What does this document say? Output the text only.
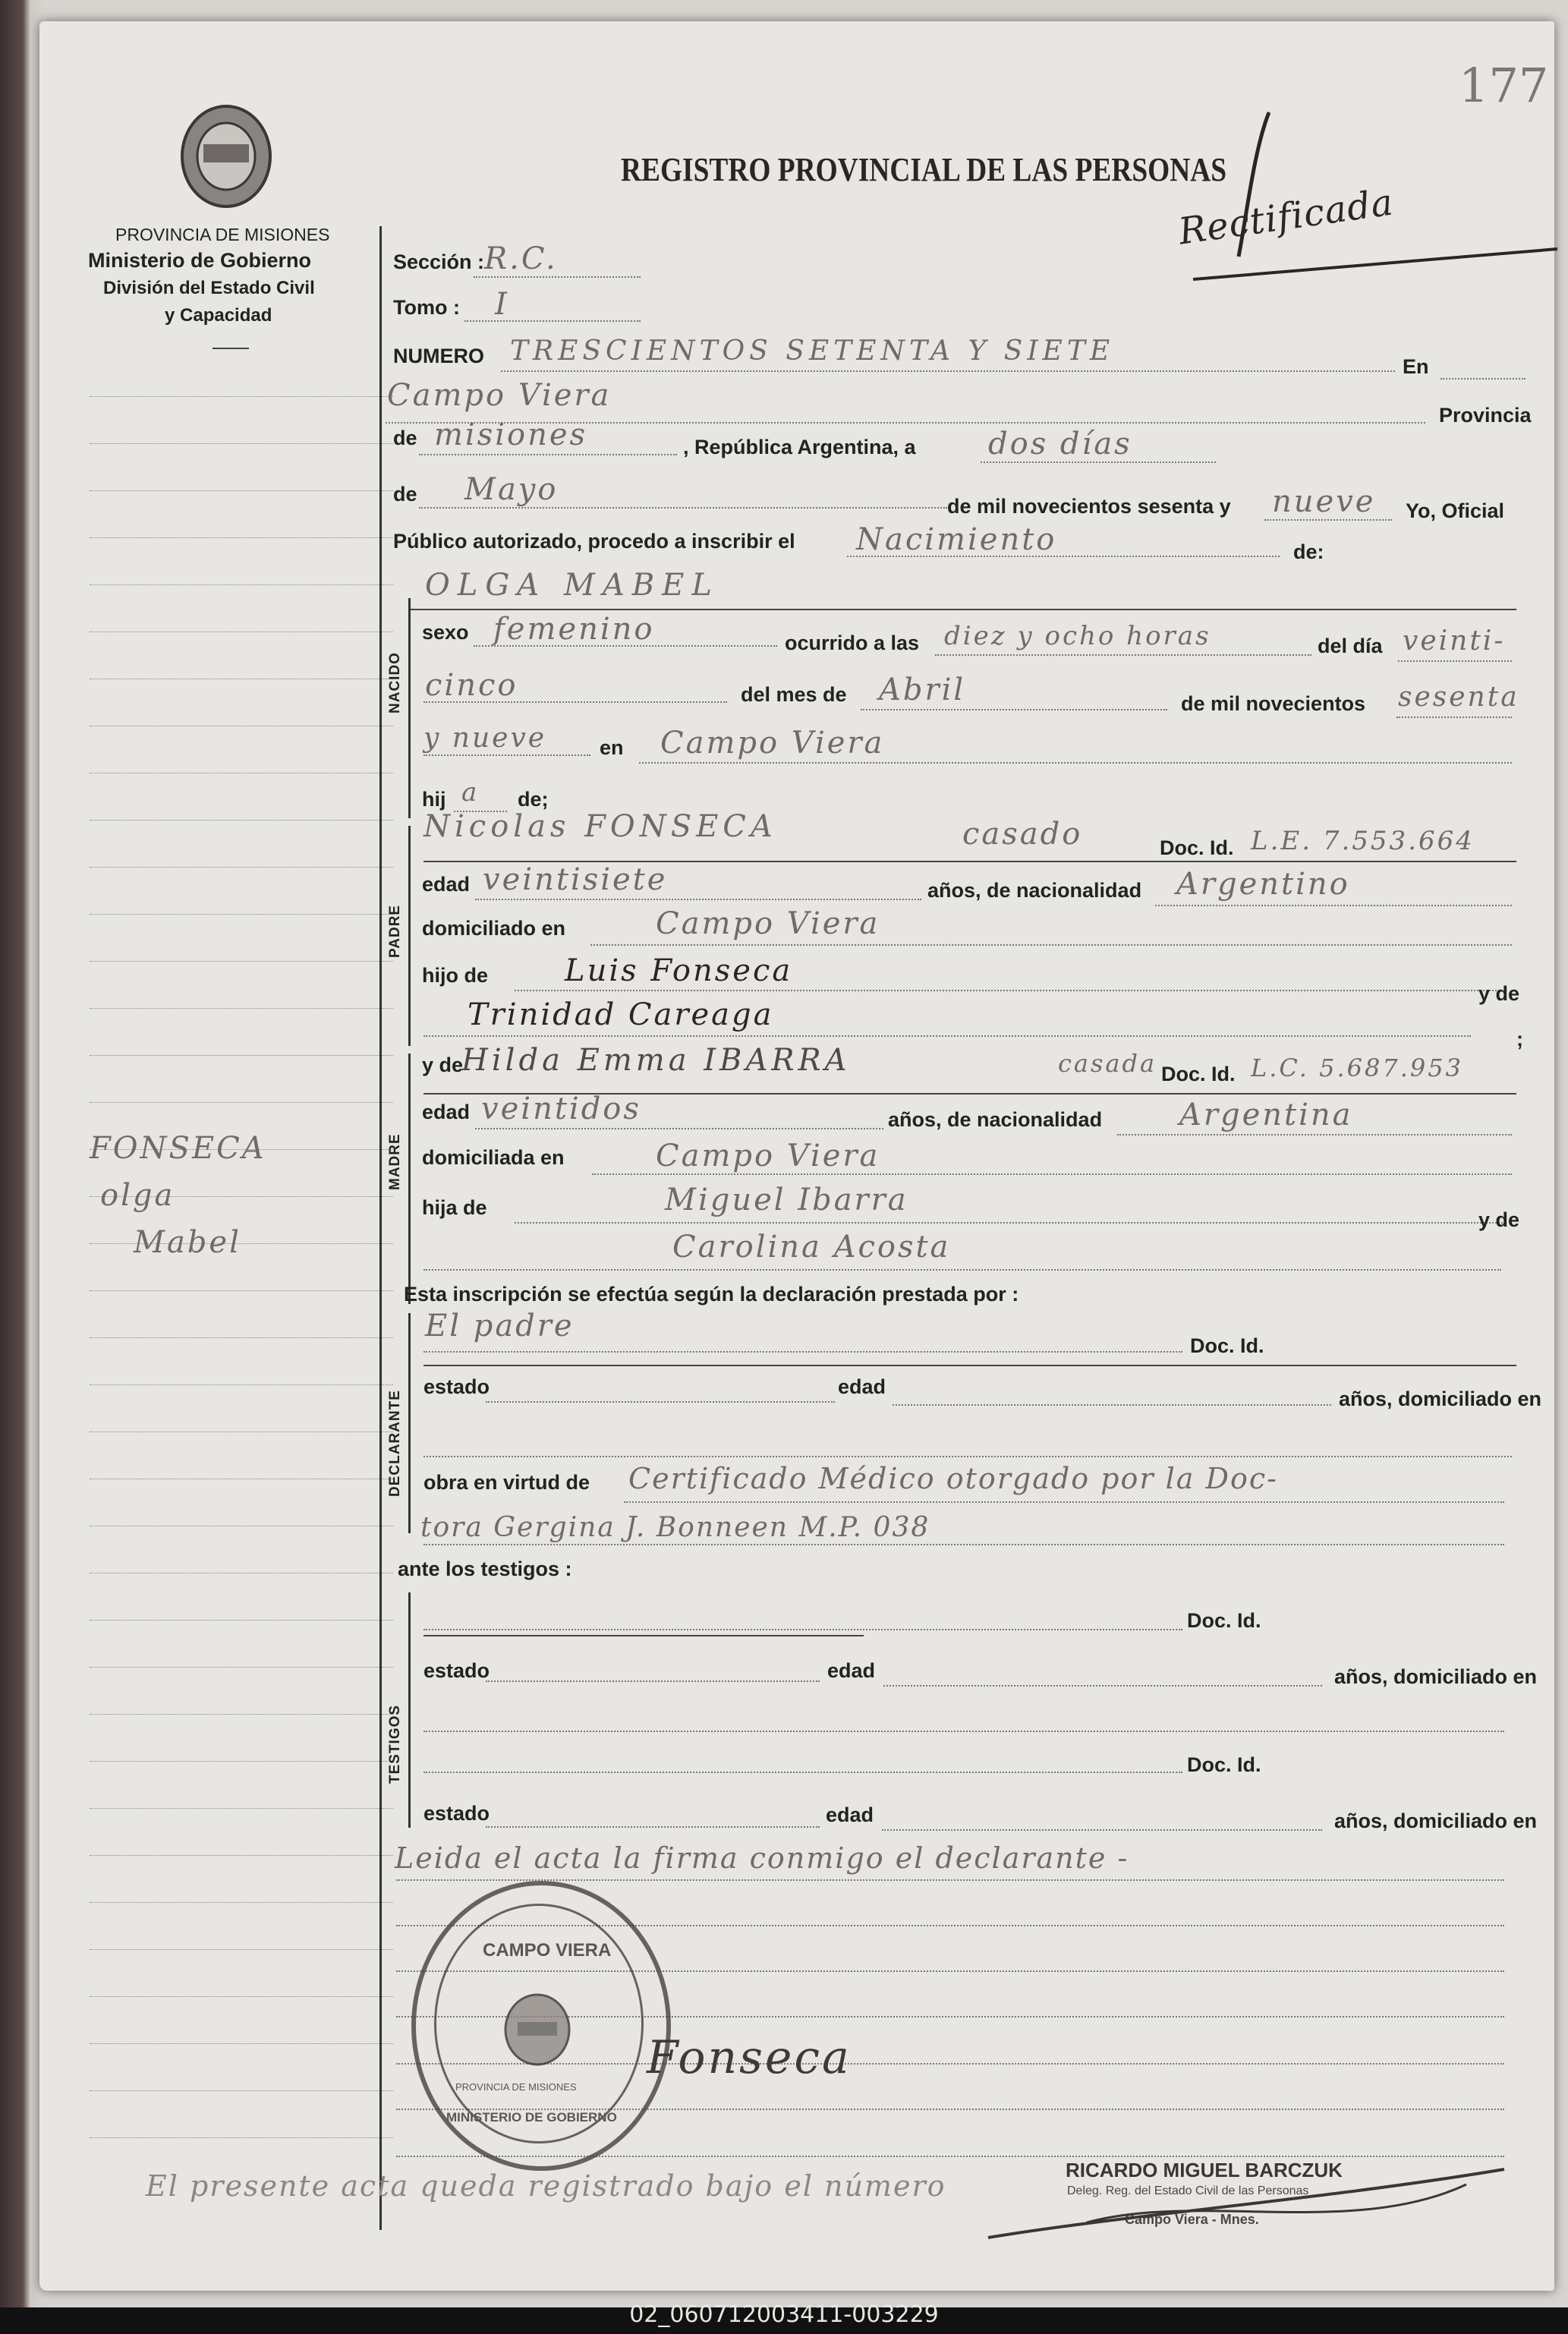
177
PROVINCIA DE MISIONES
Ministerio de Gobierno
División del Estado Civil
y Capacidad
REGISTRO PROVINCIAL DE LAS PERSONAS
Rectificada
FONSECA
olga
Mabel
Sección : R.C.
Tomo : I
NUMERO TRESCIENTOS SETENTA Y SIETE	En
Campo Viera
Provincia
de misiones	, República Argentina, a dos días
de Mayo	de mil novecientos sesenta y nueve Yo, Oficial
Público autorizado, procedo a inscribir el Nacimiento	de:
OLGA MABEL
NACIDO
sexo femenino	ocurrido a las diez y ocho horas	del día veinti-
cinco	del mes de Abril	de mil novecientos sesenta
y nueve	en Campo Viera
hij a de;
PADRE
Nicolas FONSECA	casado	Doc. Id. L.E. 7.553.664
edad veintisiete	años, de nacionalidad Argentino
domiciliado en	Campo Viera
hijo de	Luis Fonseca
y de
Trinidad Careaga
;
MADRE
y de
Hilda Emma IBARRA	casada Doc. Id. L.C. 5.687.953
edad veintidos	años, de nacionalidad	Argentina
domiciliada en	Campo Viera
hija de	Miguel Ibarra
y de
Carolina Acosta
Esta inscripción se efectúa según la declaración prestada por :
DECLARANTE
El padre
Doc. Id.
estado	edad
años, domiciliado en
obra en virtud de Certificado Médico otorgado por la Doc-
tora Gergina J. Bonneen M.P. 038
ante los testigos :
TESTIGOS
Doc. Id.
estado	edad	años, domiciliado en
Doc. Id.
estado	edad	años, domiciliado en
Leida el acta la firma conmigo el declarante -
Fonseca
CAMPO VIERA
PROVINCIA DE MISIONES
MINISTERIO DE GOBIERNO
El presente acta queda registrado bajo el número	RICARDO MIGUEL BARCZUK
Deleg. Reg. del Estado Civil de las Personas
Campo Viera - Mnes.
02_060712003411-003229
